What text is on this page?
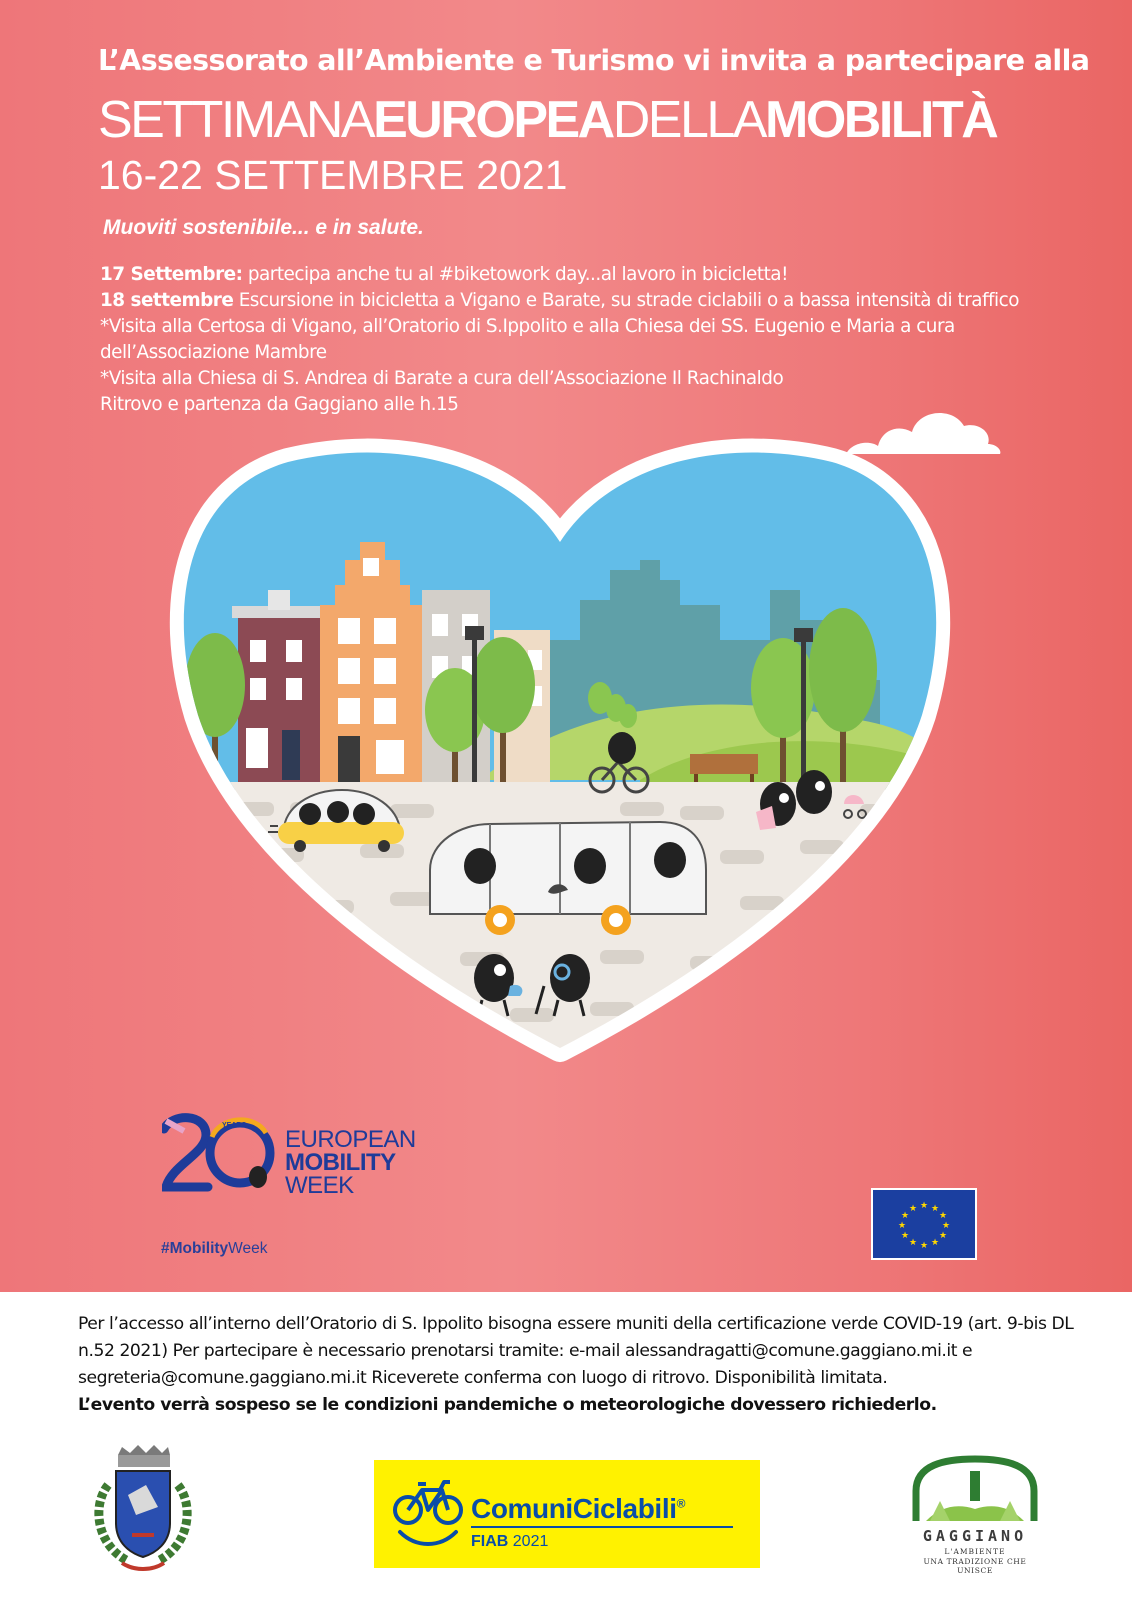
L’Assessorato all’Ambiente e Turismo vi invita a partecipare alla
SETTIMANAEUROPEADELLAMOBILITÀ
16-22 SETTEMBRE 2021
Muoviti sostenibile... e in salute.
17 Settembre: partecipa anche tu al #biketowork day...al lavoro in bicicletta!
18 settembre Escursione in bicicletta a Vigano e Barate, su strade ciclabili o a bassa intensità di traffico
*Visita alla Certosa di Vigano, all’Oratorio di S.Ippolito e alla Chiesa dei SS. Eugenio e Maria a cura
dell’Associazione Mambre
*Visita alla Chiesa di S. Andrea di Barate a cura dell’Associazione Il Rachinaldo
Ritrovo e partenza da Gaggiano alle h.15
YEARS
EUROPEAN
MOBILITY
WEEK
#MobilityWeek
★ ★
★
★
★
★
★
★
★
★
★
★
Per l’accesso all’interno dell’Oratorio di S. Ippolito bisogna essere muniti della certificazione verde COVID-19 (art. 9-bis DL
n.52 2021) Per partecipare è necessario prenotarsi tramite: e-mail alessandragatti@comune.gaggiano.mi.it e
segreteria@comune.gaggiano.mi.it Riceverete conferma con luogo di ritrovo. Disponibilità limitata.
L’evento verrà sospeso se le condizioni pandemiche o meteorologiche dovessero richiederlo.
ComuniCiclabili®
FIAB 2021	GAGGIANO
L'AMBIENTE
UNA TRADIZIONE CHE UNISCE
